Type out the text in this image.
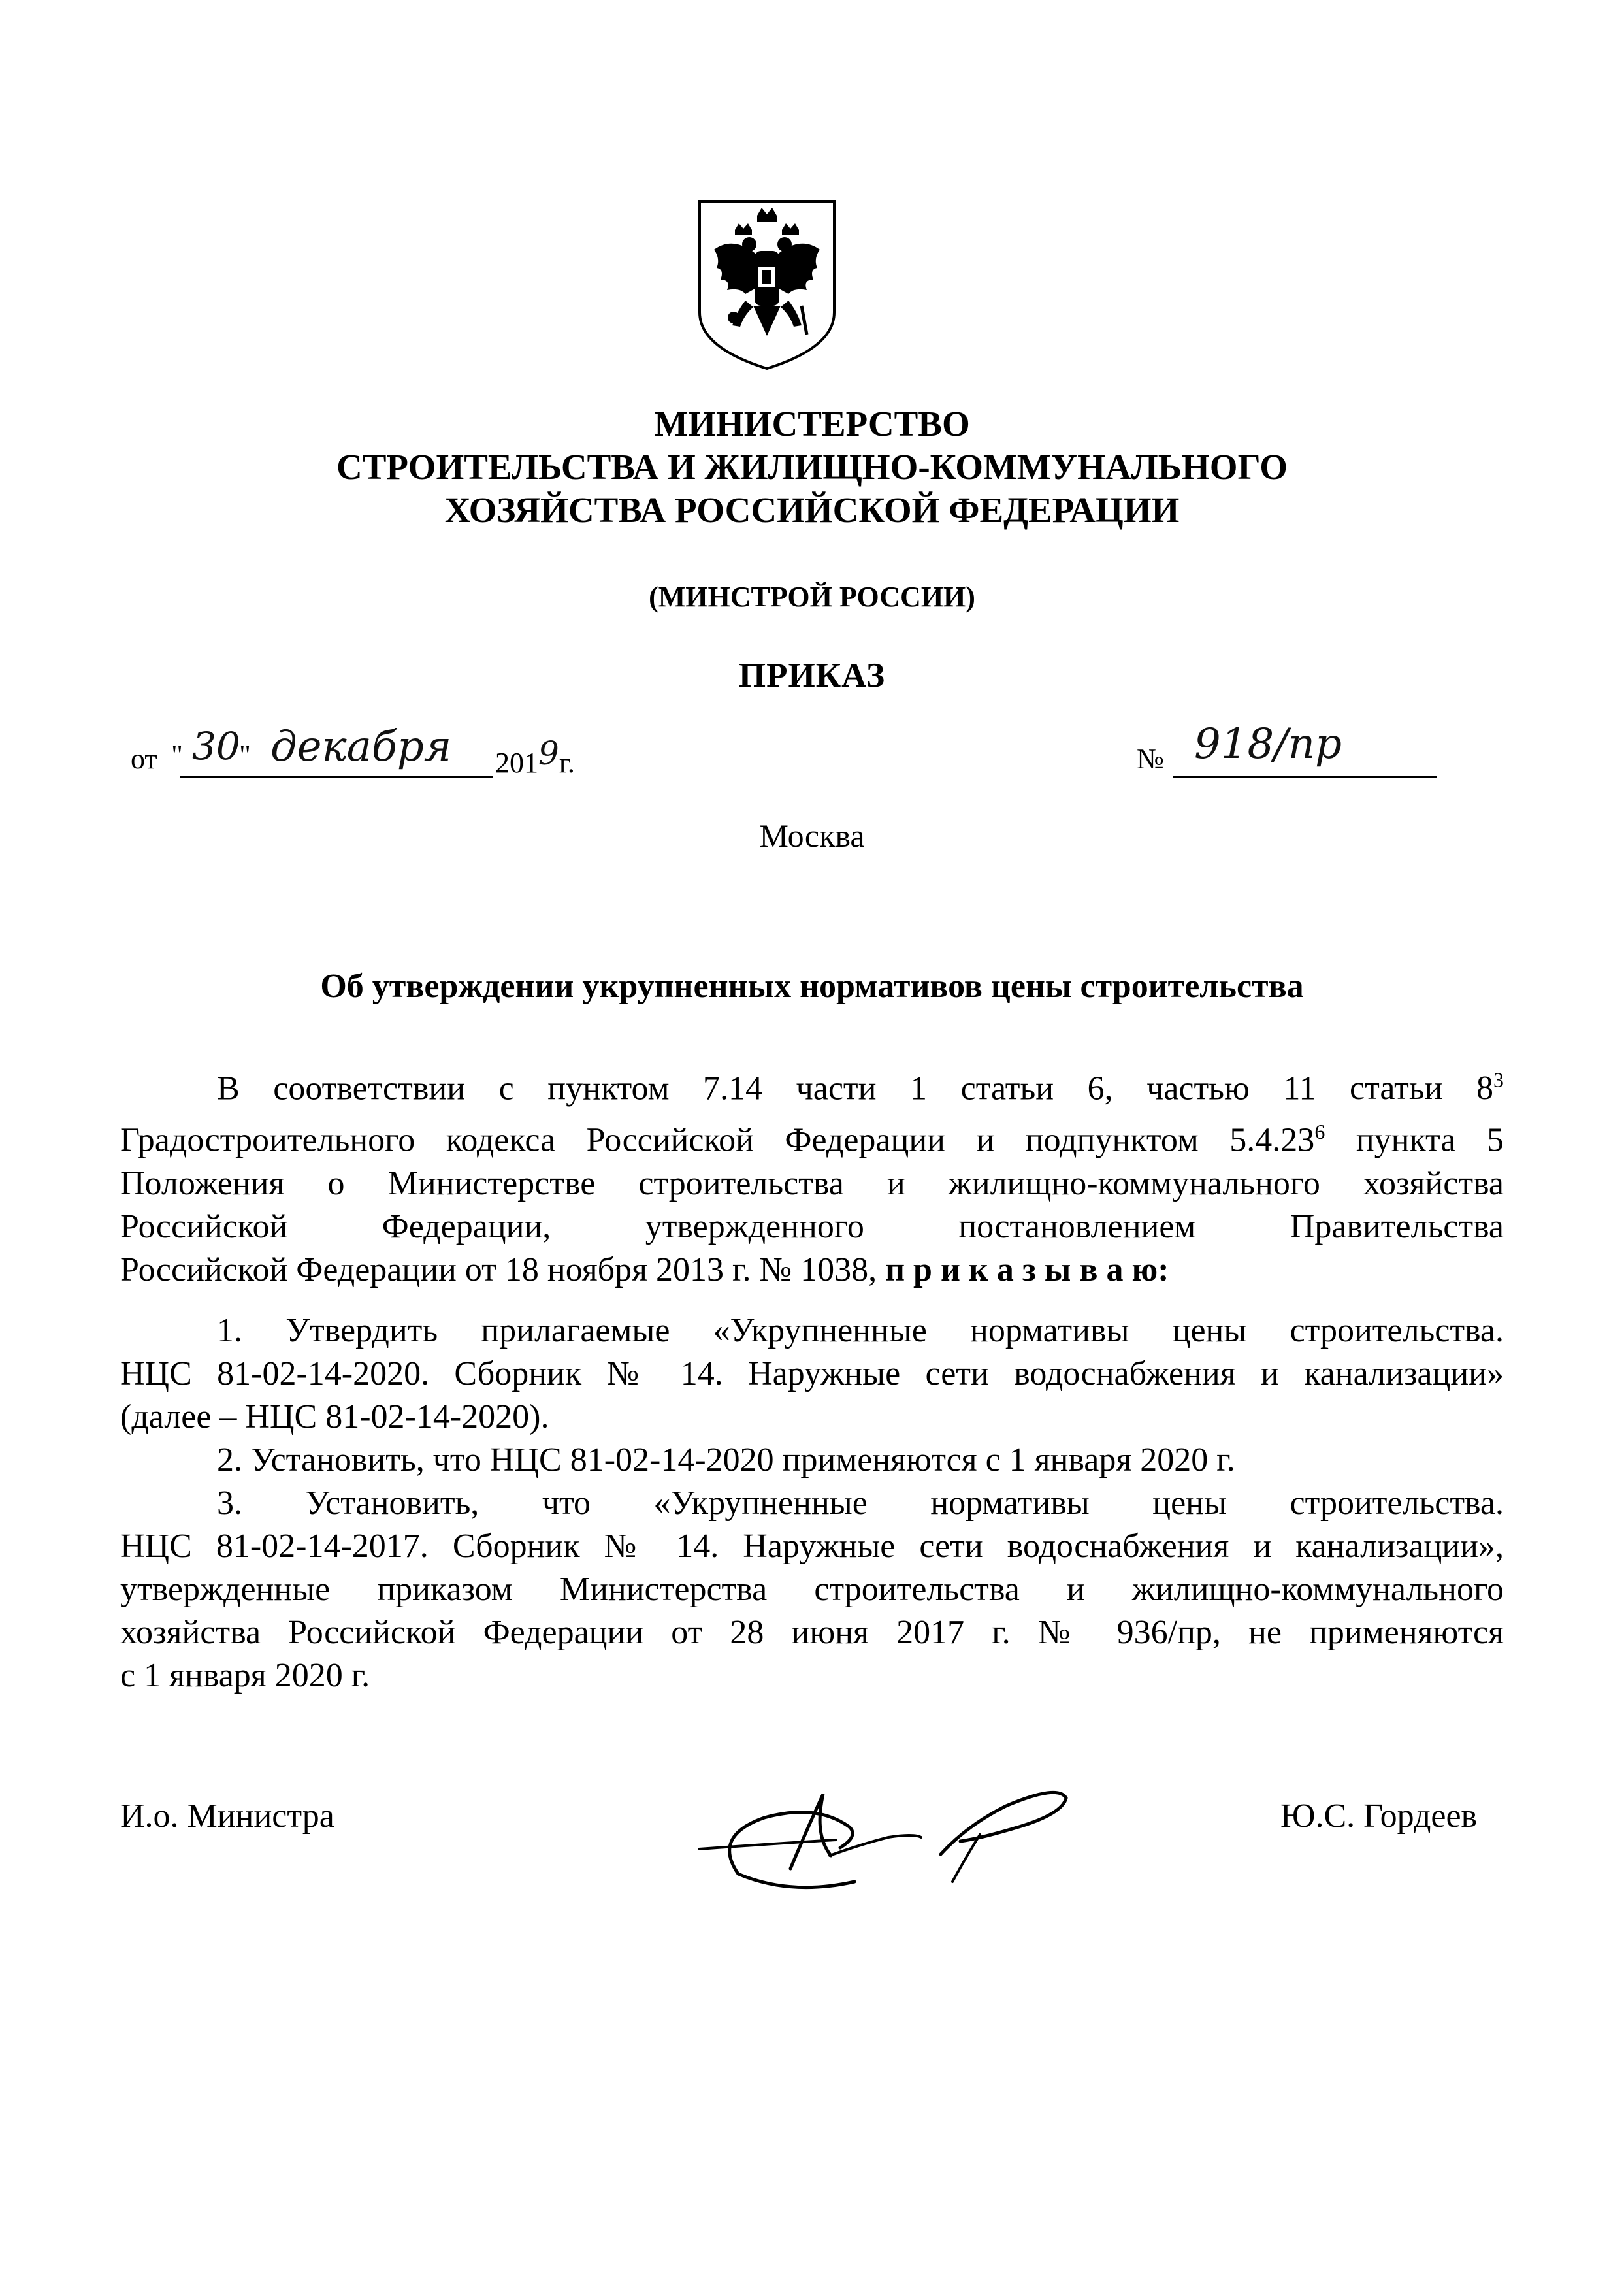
МИНИСТЕРСТВО
СТРОИТЕЛЬСТВА И ЖИЛИЩНО-КОММУНАЛЬНОГО
ХОЗЯЙСТВА РОССИЙСКОЙ ФЕДЕРАЦИИ
(МИНСТРОЙ РОССИИ)
ПРИКАЗ
от " 30
" декабря 2019г.	№ 918/пр
Москва
Об утверждении укрупненных нормативов цены строительства
В соответствии с пунктом 7.14 части 1 статьи 6, частью 11 статьи $8^3$
Градостроительного кодекса Российской Федерации и подпунктом 5.4.23$^6$ пункта 5
Положения о Министерстве строительства и жилищно-коммунального хозяйства
Российской Федерации,	утвержденного	постановлением	Правительства
Российской Федерации от 18 ноября 2013 г. № 1038, п р и к а з ы в а ю:
1. Утвердить прилагаемые «Укрупненные нормативы цены строительства.
НЦС 81-02-14-2020. Сборник № 14. Наружные сети водоснабжения и канализации»
(далее – НЦС 81-02-14-2020).
2. Установить, что НЦС 81-02-14-2020 применяются с 1 января 2020 г.
3. Установить, что «Укрупненные нормативы цены строительства.
НЦС 81-02-14-2017. Сборник № 14. Наружные сети водоснабжения и канализации»,
утвержденные приказом Министерства строительства и жилищно-коммунального
хозяйства Российской Федерации от 28 июня 2017 г. № 936/пр, не применяются
с 1 января 2020 г.
И.о. Министра	Ю.С. Гордеев
